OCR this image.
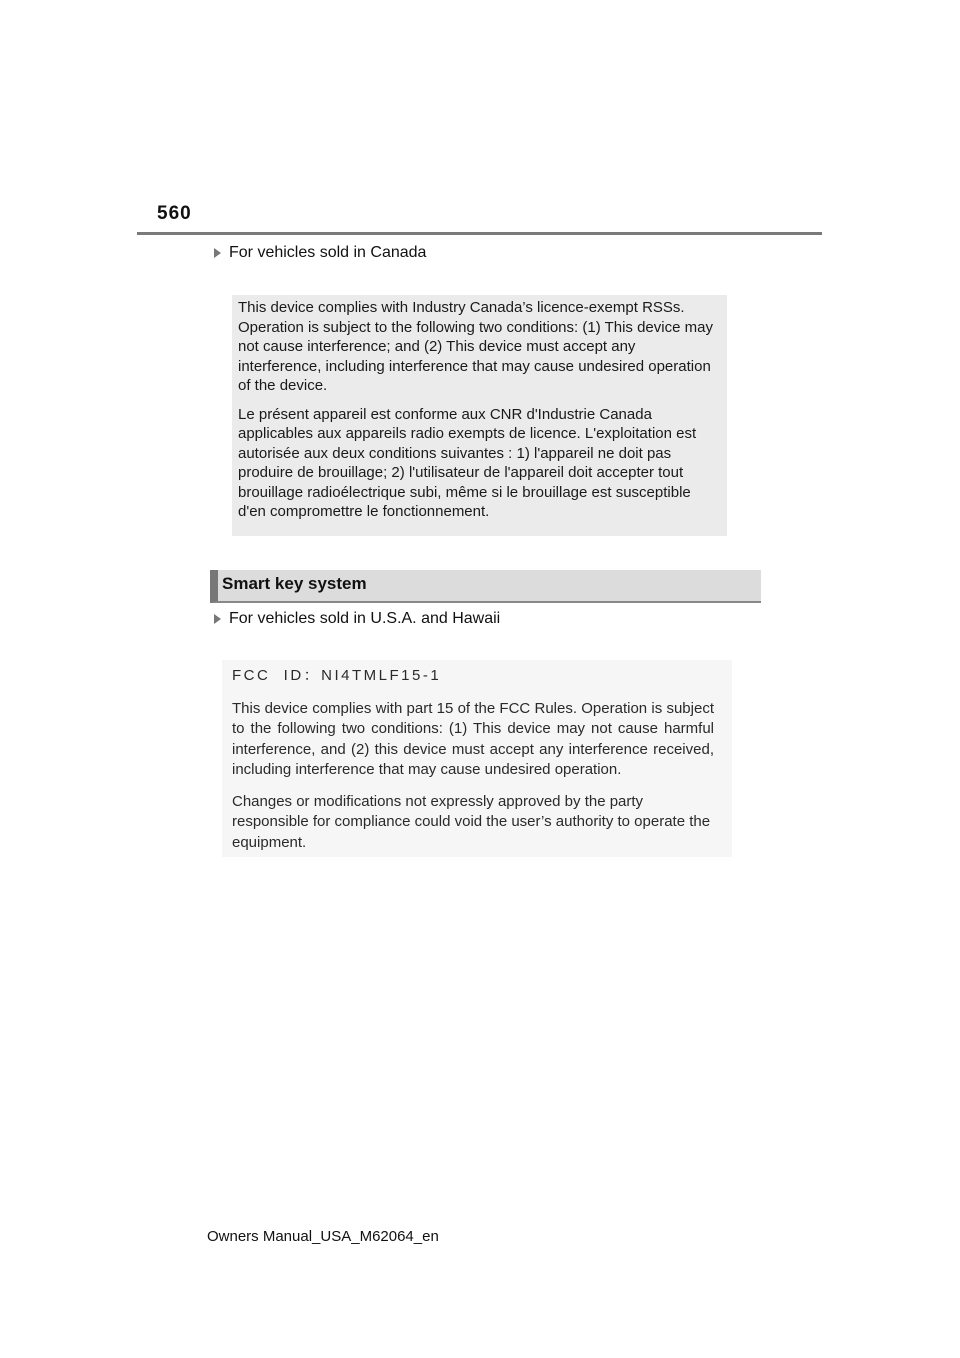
560
For vehicles sold in Canada

This device complies with Industry Canada’s licence-exempt RSSs. Operation is subject to the following two conditions: (1) This device may not cause interference; and (2) This device must accept any interference, including interference that may cause undesired operation of the device.

Le présent appareil est conforme aux CNR d'Industrie Canada applicables aux appareils radio exempts de licence. L'exploitation est autorisée aux deux conditions suivantes : 1) l'appareil ne doit pas produire de brouillage; 2) l'utilisateur de l'appareil doit accepter tout brouillage radioélectrique subi, même si le brouillage est susceptible d'en compromettre le fonctionnement.

Smart key system
For vehicles sold in U.S.A. and Hawaii

FCC  ID：NI4TMLF15-1

This device complies with part 15 of the FCC Rules. Operation is subject to the following two conditions: (1) This device may not cause harmful interference, and (2) this device must accept any interference received, including interference that may cause undesired operation.

Changes or modifications not expressly approved by the party responsible for compliance could void the user’s authority to operate the equipment.

Owners Manual_USA_M62064_en
